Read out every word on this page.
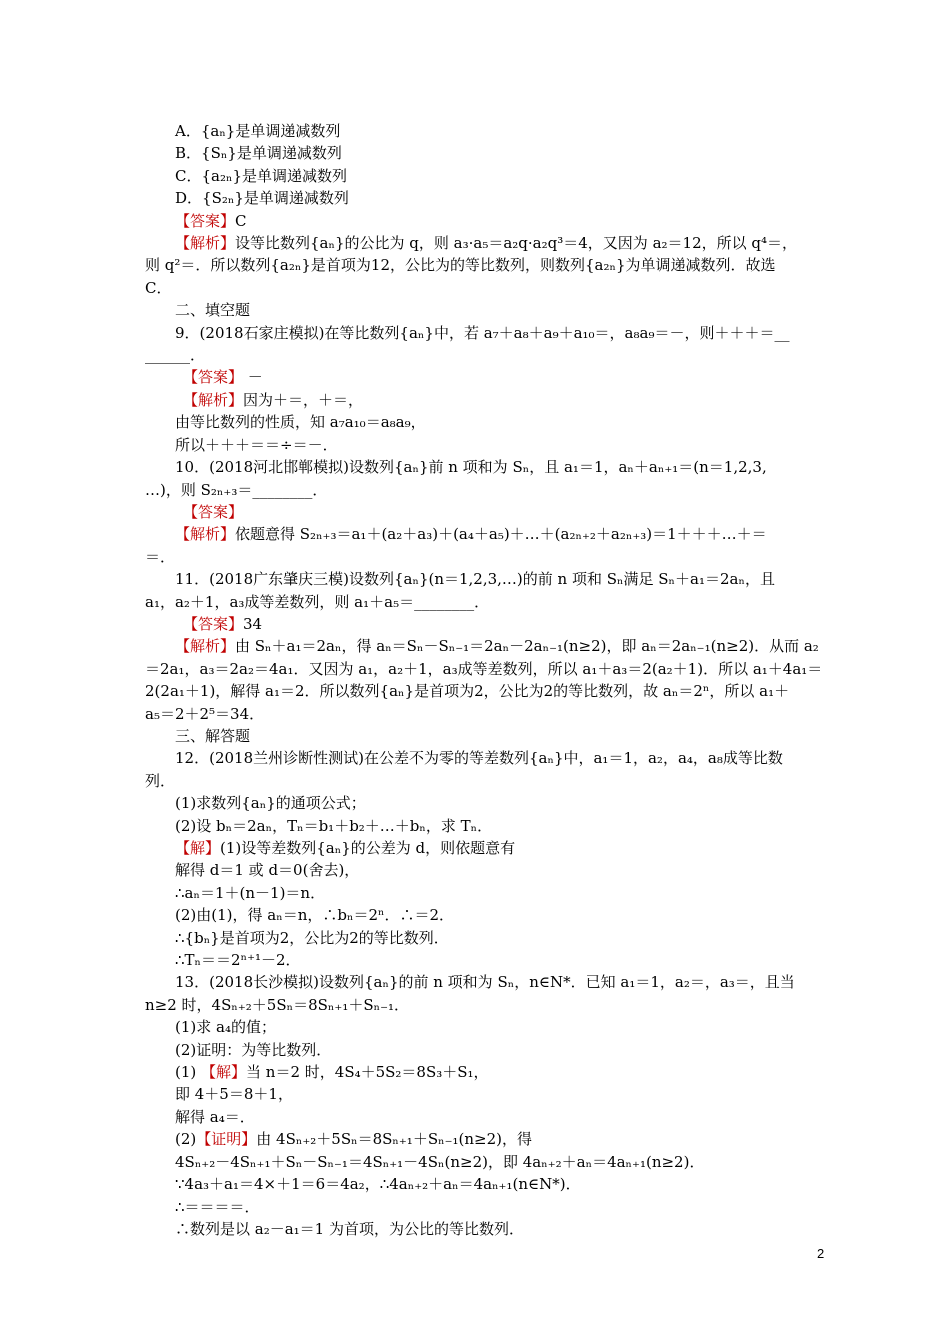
A．{aₙ}是单调递减数列
B．{Sₙ}是单调递减数列
C．{a₂ₙ}是单调递减数列
D．{S₂ₙ}是单调递减数列
【答案】C
【解析】设等比数列{aₙ}的公比为 q，则 a₃·a₅＝a₂q·a₂q³＝4，又因为 a₂＝12，所以 q⁴＝，
则 q²＝．所以数列{a₂ₙ}是首项为12，公比为的等比数列，则数列{a₂ₙ}为单调递减数列．故选
C．
二、填空题
9．(2018石家庄模拟)在等比数列{aₙ}中，若 a₇＋a₈＋a₉＋a₁₀＝，a₈a₉＝－，则＋＋＋＝__
______．
【答案】 －
【解析】因为＋＝，＋＝，
由等比数列的性质，知 a₇a₁₀＝a₈a₉，
所以＋＋＋＝＝÷＝－．
10．(2018河北邯郸模拟)设数列{aₙ}前 n 项和为 Sₙ，且 a₁＝1，aₙ＋aₙ₊₁＝(n＝1,2,3,
…)，则 S₂ₙ₊₃＝________．
【答案】
【解析】依题意得 S₂ₙ₊₃＝a₁＋(a₂＋a₃)＋(a₄＋a₅)＋…＋(a₂ₙ₊₂＋a₂ₙ₊₃)＝1＋＋＋…＋＝
＝．
11．(2018广东肇庆三模)设数列{aₙ}(n＝1,2,3,…)的前 n 项和 Sₙ满足 Sₙ＋a₁＝2aₙ，且
a₁，a₂＋1，a₃成等差数列，则 a₁＋a₅＝________．
【答案】34
【解析】由 Sₙ＋a₁＝2aₙ，得 aₙ＝Sₙ－Sₙ₋₁＝2aₙ－2aₙ₋₁(n≥2)，即 aₙ＝2aₙ₋₁(n≥2)．从而 a₂
＝2a₁，a₃＝2a₂＝4a₁．又因为 a₁，a₂＋1，a₃成等差数列，所以 a₁＋a₃＝2(a₂＋1)．所以 a₁＋4a₁＝
2(2a₁＋1)，解得 a₁＝2．所以数列{aₙ}是首项为2，公比为2的等比数列，故 aₙ＝2ⁿ，所以 a₁＋
a₅＝2＋2⁵＝34．
三、解答题
12．(2018兰州诊断性测试)在公差不为零的等差数列{aₙ}中，a₁＝1，a₂，a₄，a₈成等比数
列．
(1)求数列{aₙ}的通项公式；
(2)设 bₙ＝2aₙ，Tₙ＝b₁＋b₂＋…＋bₙ，求 Tₙ．
【解】(1)设等差数列{aₙ}的公差为 d，则依题意有
解得 d＝1 或 d＝0(舍去)，
∴aₙ＝1＋(n－1)＝n．
(2)由(1)，得 aₙ＝n，∴bₙ＝2ⁿ．∴＝2．
∴{bₙ}是首项为2，公比为2的等比数列．
∴Tₙ＝＝2ⁿ⁺¹－2．
13．(2018长沙模拟)设数列{aₙ}的前 n 项和为 Sₙ，n∈N*．已知 a₁＝1，a₂＝，a₃＝，且当
n≥2 时，4Sₙ₊₂＋5Sₙ＝8Sₙ₊₁＋Sₙ₋₁．
(1)求 a₄的值；
(2)证明：为等比数列．
(1) 【解】当 n＝2 时，4S₄＋5S₂＝8S₃＋S₁，
即 4＋5＝8＋1，
解得 a₄＝．
(2)【证明】由 4Sₙ₊₂＋5Sₙ＝8Sₙ₊₁＋Sₙ₋₁(n≥2)，得
4Sₙ₊₂－4Sₙ₊₁＋Sₙ－Sₙ₋₁＝4Sₙ₊₁－4Sₙ(n≥2)，即 4aₙ₊₂＋aₙ＝4aₙ₊₁(n≥2)．
∵4a₃＋a₁＝4×＋1＝6＝4a₂，∴4aₙ₊₂＋aₙ＝4aₙ₊₁(n∈N*)．
∴＝＝＝＝．
∴数列是以 a₂－a₁＝1 为首项，为公比的等比数列．
2
